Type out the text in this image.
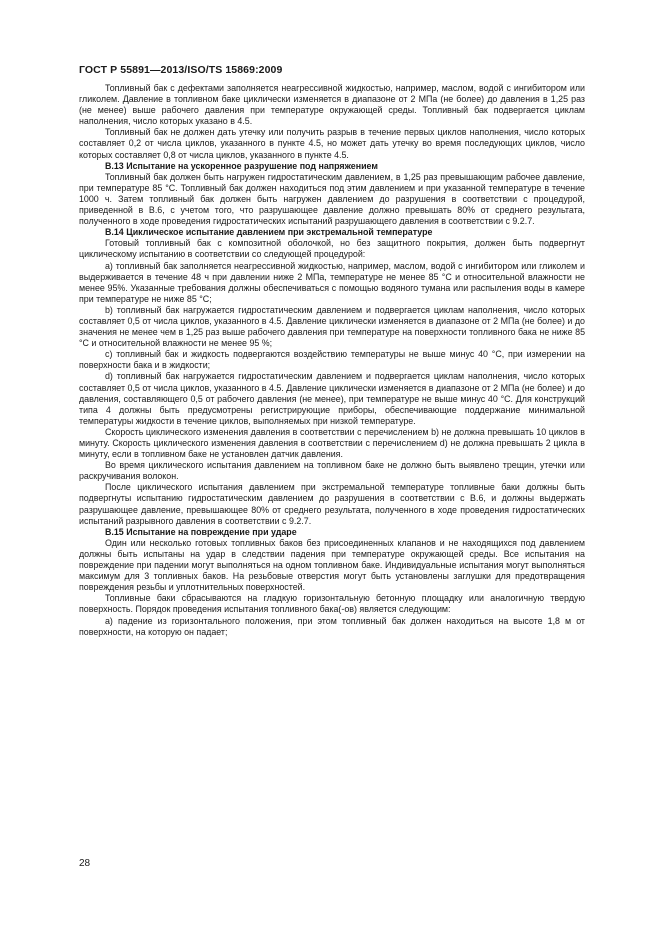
ГОСТ Р 55891—2013/ISO/TS 15869:2009

Топливный бак с дефектами заполняется неагрессивной жидкостью, например, маслом, водой с ингибитором или гликолем. Давление в топливном баке циклически изменяется в диапазоне от 2 МПа (не более) до давления в 1,25 раз (не менее) выше рабочего давления при температуре окружающей среды. Топливный бак подвергается циклам наполнения, число которых указано в 4.5.

Топливный бак не должен дать утечку или получить разрыв в течение первых циклов наполнения, число которых составляет 0,2 от числа циклов, указанного в пункте 4.5, но может дать утечку во время последующих циклов, число которых составляет 0,8 от числа циклов, указанного в пункте 4.5.

В.13 Испытание на ускоренное разрушение под напряжением

Топливный бак должен быть нагружен гидростатическим давлением, в 1,25 раз превышающим рабочее давление, при температуре 85 °С. Топливный бак должен находиться под этим давлением и при указанной температуре в течение 1000 ч. Затем топливный бак должен быть нагружен давлением до разрушения в соответствии с процедурой, приведенной в В.6, с учетом того, что разрушающее давление должно превышать 80% от среднего результата, полученного в ходе проведения гидростатических испытаний разрушающего давления в соответствии с 9.2.7.

В.14 Циклическое испытание давлением при экстремальной температуре

Готовый топливный бак с композитной оболочкой, но без защитного покрытия, должен быть подвергнут циклическому испытанию в соответствии со следующей процедурой:

а) топливный бак заполняется неагрессивной жидкостью, например, маслом, водой с ингибитором или гликолем и выдерживается в течение 48 ч при давлении ниже 2 МПа, температуре не менее 85 °С и относительной влажности не менее 95%. Указанные требования должны обеспечиваться с помощью водяного тумана или распыления воды в камере при температуре не ниже 85 °С;

b) топливный бак нагружается гидростатическим давлением и подвергается циклам наполнения, число которых составляет 0,5 от числа циклов, указанного в 4.5. Давление циклически изменяется в диапазоне от 2 МПа (не более) и до значения не менее чем в 1,25 раз выше рабочего давления при температуре на поверхности топливного бака не ниже 85 °С и относительной влажности не менее 95 %;

с) топливный бак и жидкость подвергаются воздействию температуры не выше минус 40 °С, при измерении на поверхности бака и в жидкости;

d) топливный бак нагружается гидростатическим давлением и подвергается циклам наполнения, число которых составляет 0,5 от числа циклов, указанного в 4.5. Давление циклически изменяется в диапазоне от 2 МПа (не более) и до давления, составляющего 0,5 от рабочего давления (не менее), при температуре не выше минус 40 °С. Для конструкций типа 4 должны быть предусмотрены регистрирующие приборы, обеспечивающие поддержание минимальной температуры жидкости в течение циклов, выполняемых при низкой температуре.

Скорость циклического изменения давления в соответствии с перечислением b) не должна превышать 10 циклов в минуту. Скорость циклического изменения давления в соответствии с перечислением d) не должна превышать 2 цикла в минуту, если в топливном баке не установлен датчик давления.

Во время циклического испытания давлением на топливном баке не должно быть выявлено трещин, утечки или раскручивания волокон.

После циклического испытания давлением при экстремальной температуре топливные баки должны быть подвергнуты испытанию гидростатическим давлением до разрушения в соответствии с В.6, и должны выдержать разрушающее давление, превышающее 80% от среднего результата, полученного в ходе проведения гидростатических испытаний разрывного давления в соответствии с 9.2.7.

В.15 Испытание на повреждение при ударе

Один или несколько готовых топливных баков без присоединенных клапанов и не находящихся под давлением должны быть испытаны на удар в следствии падения при температуре окружающей среды. Все испытания на повреждение при падении могут выполняться на одном топливном баке. Индивидуальные испытания могут выполняться максимум для 3 топливных баков. На резьбовые отверстия могут быть установлены заглушки для предотвращения повреждения резьбы и уплотнительных поверхностей.

Топливные баки сбрасываются на гладкую горизонтальную бетонную площадку или аналогичную твердую поверхность. Порядок проведения испытания топливного бака(-ов) является следующим:

а) падение из горизонтального положения, при этом топливный бак должен находиться на высоте 1,8 м от поверхности, на которую он падает;

28
